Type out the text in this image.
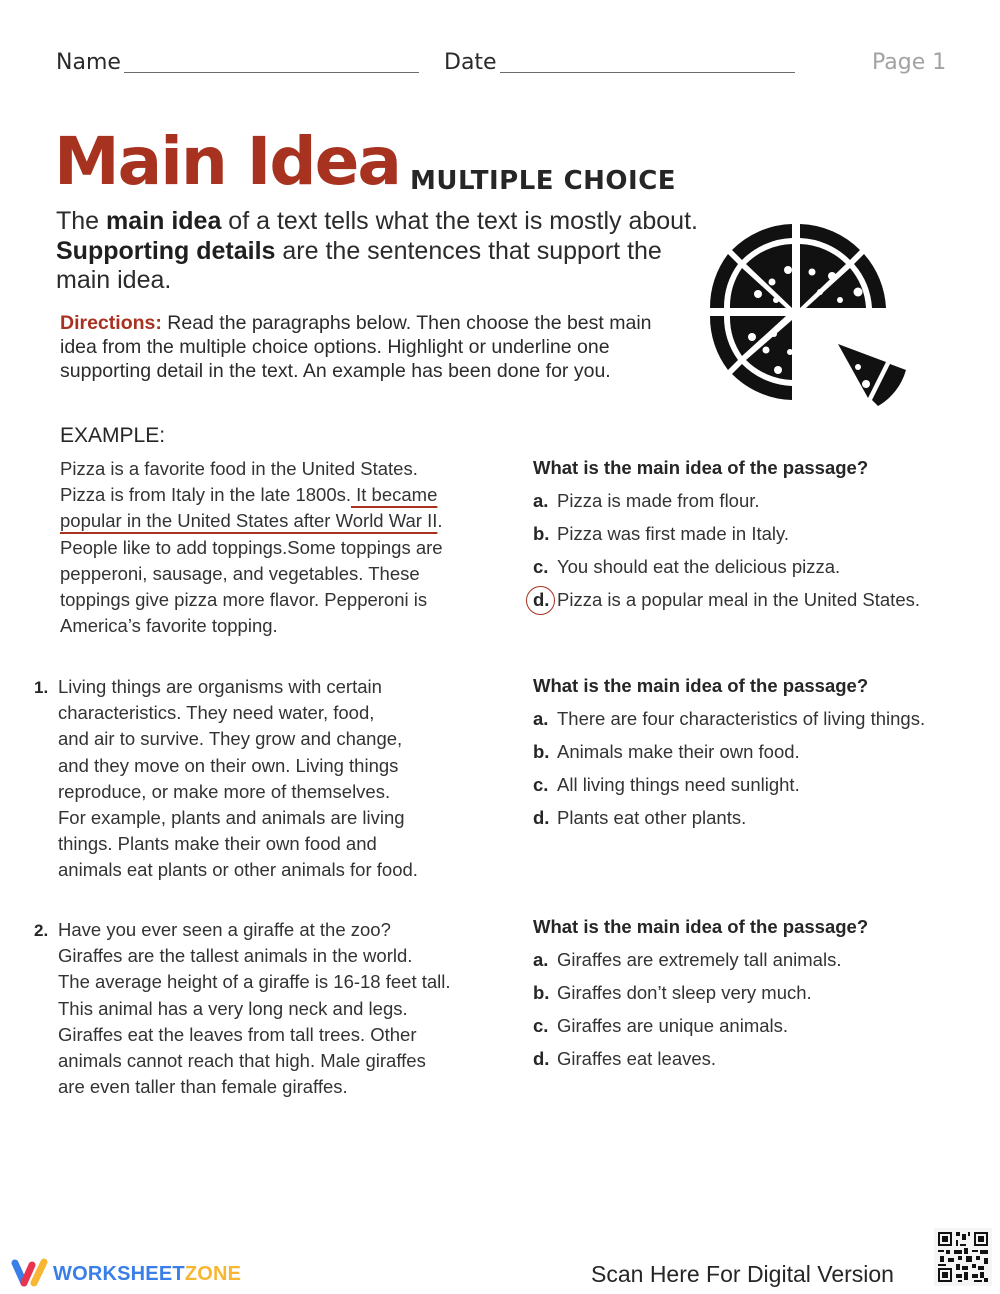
Name	Date	Page 1
Main Idea MULTIPLE CHOICE
The main idea of a text tells what the text is mostly about. Supporting details are the sentences that support the main idea.
Directions: Read the paragraphs below. Then choose the best main idea from the multiple choice options. Highlight or underline one supporting detail in the text. An example has been done for you.
EXAMPLE:
Pizza is a favorite food in the United States.
Pizza is from Italy in the late 1800s. It became
popular in the United States after World War II.
People like to add toppings.Some toppings are
pepperoni, sausage, and vegetables. These
toppings give pizza more flavor. Pepperoni is
America’s favorite topping.
What is the main idea of the passage?
a. Pizza is made from flour.
b. Pizza was first made in Italy.
c. You should eat the delicious pizza.
d. Pizza is a popular meal in the United States.
1. Living things are organisms with certain
characteristics. They need water, food,
and air to survive. They grow and change,
and they move on their own. Living things
reproduce, or make more of themselves.
For example, plants and animals are living
things. Plants make their own food and
animals eat plants or other animals for food.
What is the main idea of the passage?
a. There are four characteristics of living things.
b. Animals make their own food.
c. All living things need sunlight.
d. Plants eat other plants.
2. Have you ever seen a giraffe at the zoo?
Giraffes are the tallest animals in the world.
The average height of a giraffe is 16-18 feet tall.
This animal has a very long neck and legs.
Giraffes eat the leaves from tall trees. Other
animals cannot reach that high. Male giraffes
are even taller than female giraffes.
What is the main idea of the passage?
a. Giraffes are extremely tall animals.
b. Giraffes don’t sleep very much.
c. Giraffes are unique animals.
d. Giraffes eat leaves.
WORKSHEETZONE	Scan Here For Digital Version
